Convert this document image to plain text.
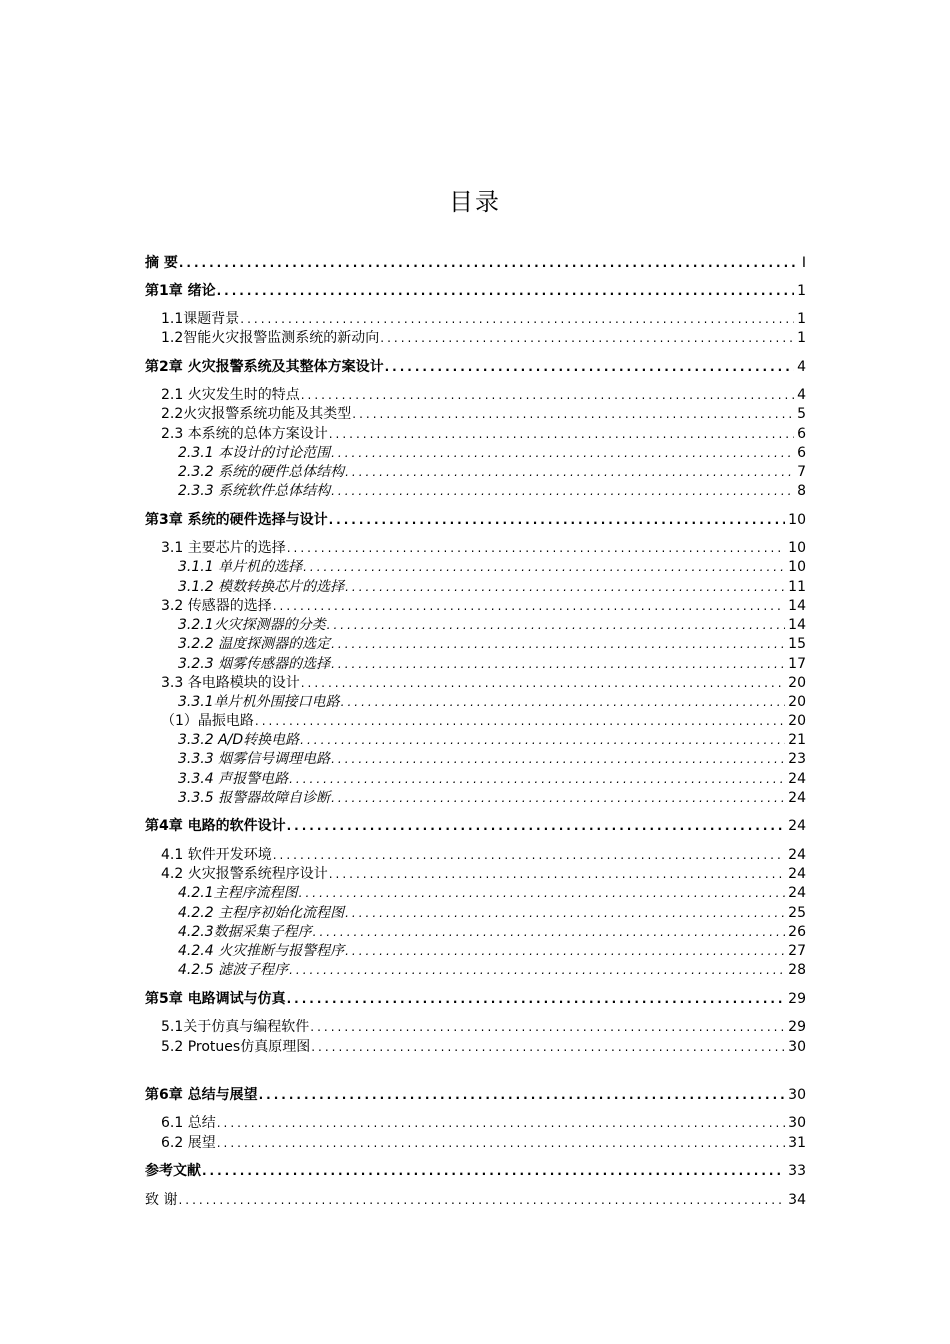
目录
摘 要 .....	I
第1章 绪论 .....	1
1.1课题背景 .....	1
1.2智能火灾报警监测系统的新动向 .....	1
第2章 火灾报警系统及其整体方案设计 .....	4
2.1 火灾发生时的特点 .....	4
2.2火灾报警系统功能及其类型 .....	5
2.3 本系统的总体方案设计 .....	6
2.3.1 本设计的讨论范围 .....	6
2.3.2 系统的硬件总体结构 .....	7
2.3.3 系统软件总体结构 .....	8
第3章 系统的硬件选择与设计 .....	10
3.1 主要芯片的选择 .....	10
3.1.1 单片机的选择 .....	10
3.1.2 模数转换芯片的选择 .....	11
3.2 传感器的选择 .....	14
3.2.1火灾探测器的分类 .....	14
3.2.2 温度探测器的选定 .....	15
3.2.3 烟雾传感器的选择 .....	17
3.3 各电路模块的设计 .....	20
3.3.1单片机外围接口电路 .....	20
（1）晶振电路 .....	20
3.3.2 A/D转换电路 .....	21
3.3.3 烟雾信号调理电路 .....	23
3.3.4 声报警电路 .....	24
3.3.5 报警器故障自诊断 .....	24
第4章 电路的软件设计 .....	24
4.1 软件开发环境 .....	24
4.2 火灾报警系统程序设计 .....	24
4.2.1主程序流程图 .....	24
4.2.2 主程序初始化流程图 .....	25
4.2.3数据采集子程序 .....	26
4.2.4 火灾推断与报警程序 .....	27
4.2.5 滤波子程序 .....	28
第5章 电路调试与仿真 .....	29
5.1关于仿真与编程软件 .....	29
5.2 Protues仿真原理图 .....	30
第6章 总结与展望 .....	30
6.1 总结 .....	30
6.2 展望 .....	31
参考文献 .....	33
致 谢 .....	34
